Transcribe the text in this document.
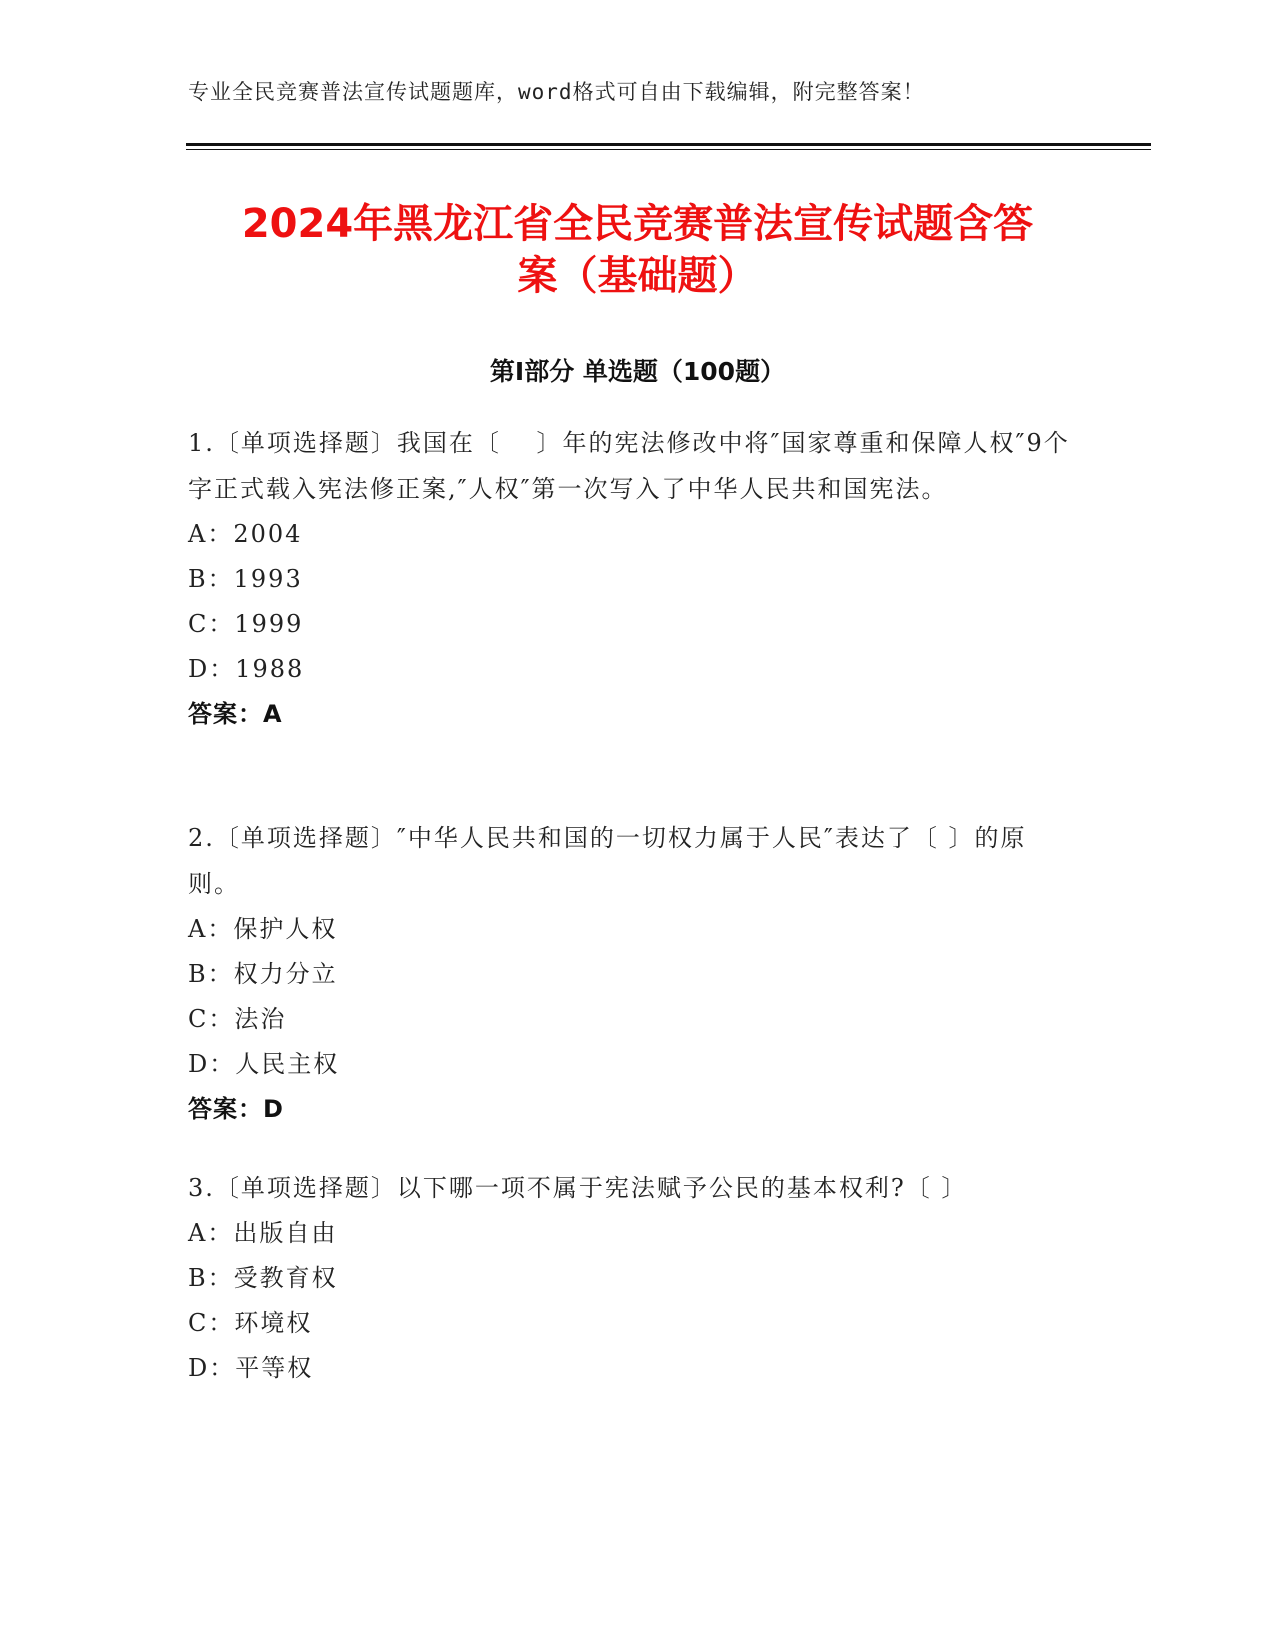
专业全民竞赛普法宣传试题题库，word格式可自由下载编辑，附完整答案！
2024年黑龙江省全民竞赛普法宣传试题含答
案（基础题）
第Ⅰ部分 单选题（100题）

1.〔单项选择题〕我国在〔　 〕年的宪法修改中将″国家尊重和保障人权″9个字正式载入宪法修正案,″人权″第一次写入了中华人民共和国宪法。

A：2004

B：1993

C：1999

D：1988

答案：A

2.〔单项选择题〕″中华人民共和国的一切权力属于人民″表达了〔 〕的原则。

A：保护人权

B：权力分立

C：法治

D：人民主权

答案：D

3.〔单项选择题〕以下哪一项不属于宪法赋予公民的基本权利?〔 〕

A：出版自由

B：受教育权

C：环境权

D：平等权
